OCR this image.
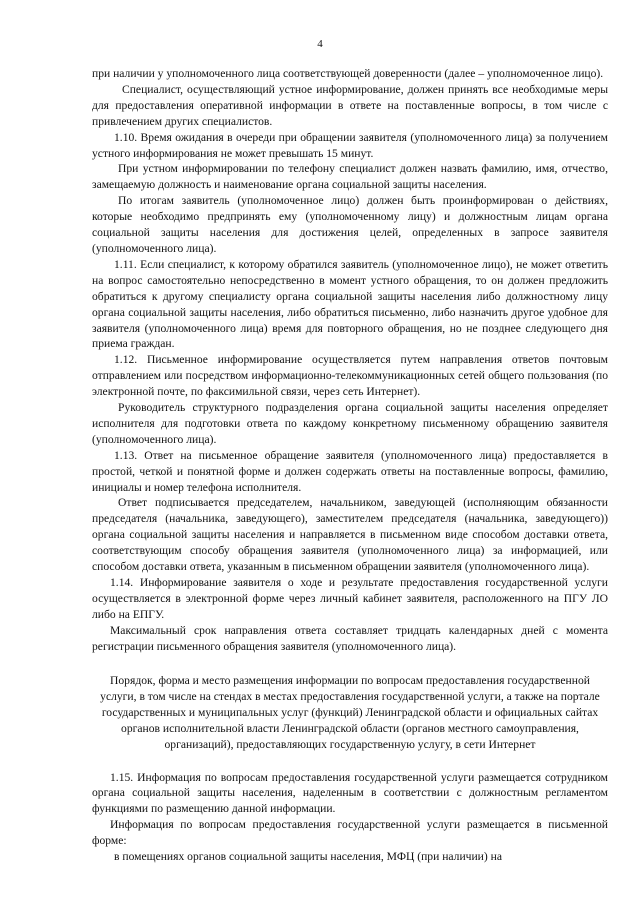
4

при наличии у уполномоченного лица соответствующей доверенности (далее – уполномоченное лицо).

Специалист, осуществляющий устное информирование, должен принять все необходимые меры для предоставления оперативной информации в ответе на поставленные вопросы, в том числе с привлечением других специалистов.

1.10. Время ожидания в очереди при обращении заявителя (уполномоченного лица) за получением устного информирования не может превышать 15 минут.

При устном информировании по телефону специалист должен назвать фамилию, имя, отчество, замещаемую должность и наименование органа социальной защиты населения.

По итогам заявитель (уполномоченное лицо) должен быть проинформирован о действиях, которые необходимо предпринять ему (уполномоченному лицу) и должностным лицам органа социальной защиты населения для достижения целей, определенных в запросе заявителя (уполномоченного лица).

1.11. Если специалист, к которому обратился заявитель (уполномоченное лицо), не может ответить на вопрос самостоятельно непосредственно в момент устного обращения, то он должен предложить обратиться к другому специалисту органа социальной защиты населения либо должностному лицу органа социальной защиты населения, либо обратиться письменно, либо назначить другое удобное для заявителя (уполномоченного лица) время для повторного обращения, но не позднее следующего дня приема граждан.

1.12. Письменное информирование осуществляется путем направления ответов почтовым отправлением или посредством информационно-телекоммуникационных сетей общего пользования (по электронной почте, по факсимильной связи, через сеть Интернет).

Руководитель структурного подразделения органа социальной защиты населения определяет исполнителя для подготовки ответа по каждому конкретному письменному обращению заявителя (уполномоченного лица).

1.13. Ответ на письменное обращение заявителя (уполномоченного лица) предоставляется в простой, четкой и понятной форме и должен содержать ответы на поставленные вопросы, фамилию, инициалы и номер телефона исполнителя.

Ответ подписывается председателем, начальником, заведующей (исполняющим обязанности председателя (начальника, заведующего), заместителем председателя (начальника, заведующего)) органа социальной защиты населения и направляется в письменном виде способом доставки ответа, соответствующим способу обращения заявителя (уполномоченного лица) за информацией, или способом доставки ответа, указанным в письменном обращении заявителя (уполномоченного лица).

1.14. Информирование заявителя о ходе и результате предоставления государственной услуги осуществляется в электронной форме через личный кабинет заявителя, расположенного на ПГУ ЛО либо на ЕПГУ.

Максимальный срок направления ответа составляет тридцать календарных дней с момента регистрации письменного обращения заявителя (уполномоченного лица).

Порядок, форма и место размещения информации по вопросам предоставления государственной услуги, в том числе на стендах в местах предоставления государственной услуги, а также на портале государственных и муниципальных услуг (функций) Ленинградской области и официальных сайтах органов исполнительной власти Ленинградской области (органов местного самоуправления, организаций), предоставляющих государственную услугу, в сети Интернет

1.15. Информация по вопросам предоставления государственной услуги размещается сотрудником органа социальной защиты населения, наделенным в соответствии с должностным регламентом функциями по размещению данной информации.

Информация по вопросам предоставления государственной услуги размещается в письменной форме:

в помещениях органов социальной защиты населения, МФЦ (при наличии) на
